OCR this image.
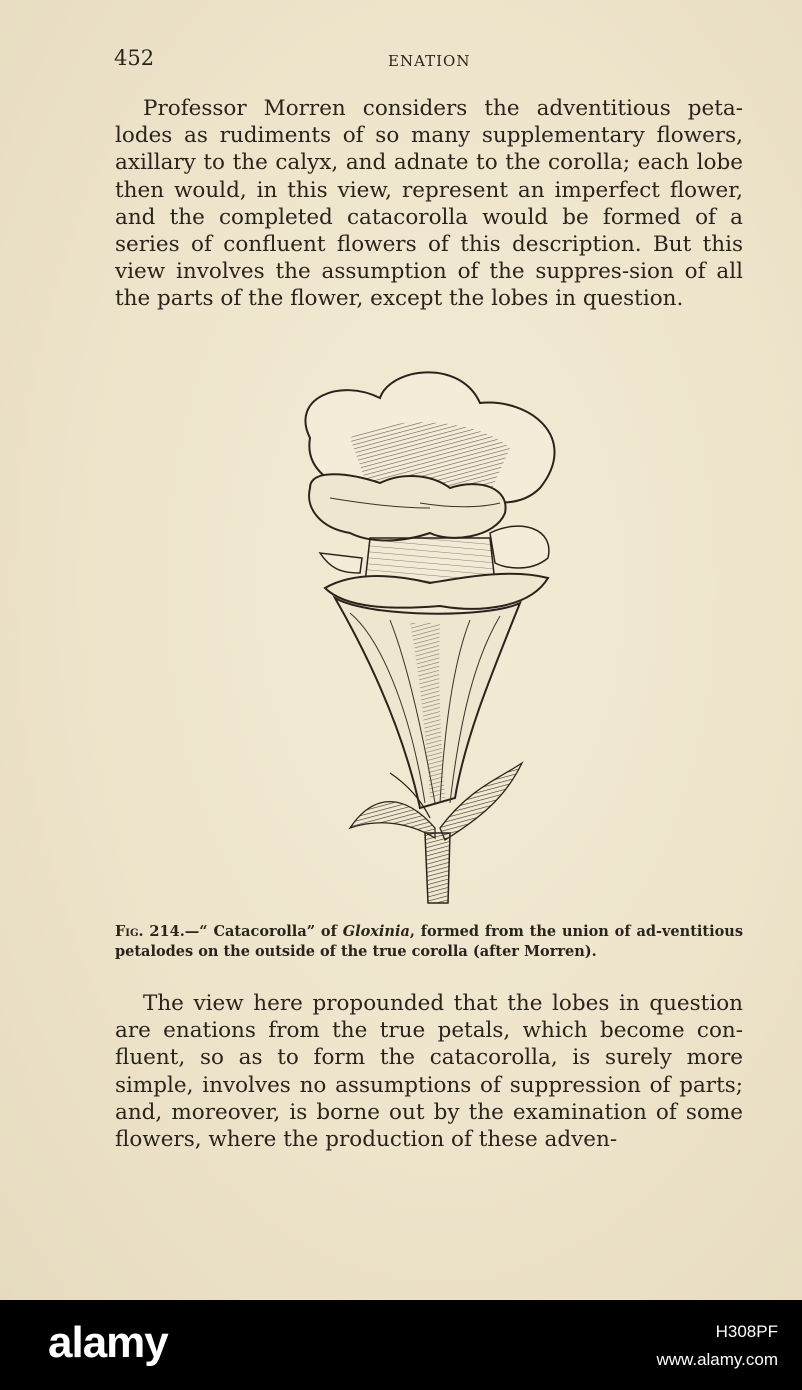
452	ENATION

Professor Morren considers the adventitious peta-lodes as rudiments of so many supplementary flowers, axillary to the calyx, and adnate to the corolla; each lobe then would, in this view, represent an imperfect flower, and the completed catacorolla would be formed of a series of confluent flowers of this description. But this view involves the assumption of the suppres-sion of all the parts of the flower, except the lobes in question.

Fig. 214.—“ Catacorolla” of Gloxinia, formed from the union of ad-ventitious petalodes on the outside of the true corolla (after Morren).

The view here propounded that the lobes in question are enations from the true petals, which become con-fluent, so as to form the catacorolla, is surely more simple, involves no assumptions of suppression of parts; and, moreover, is borne out by the examination of some flowers, where the production of these adven-

alamy	H308PF
www.alamy.com
